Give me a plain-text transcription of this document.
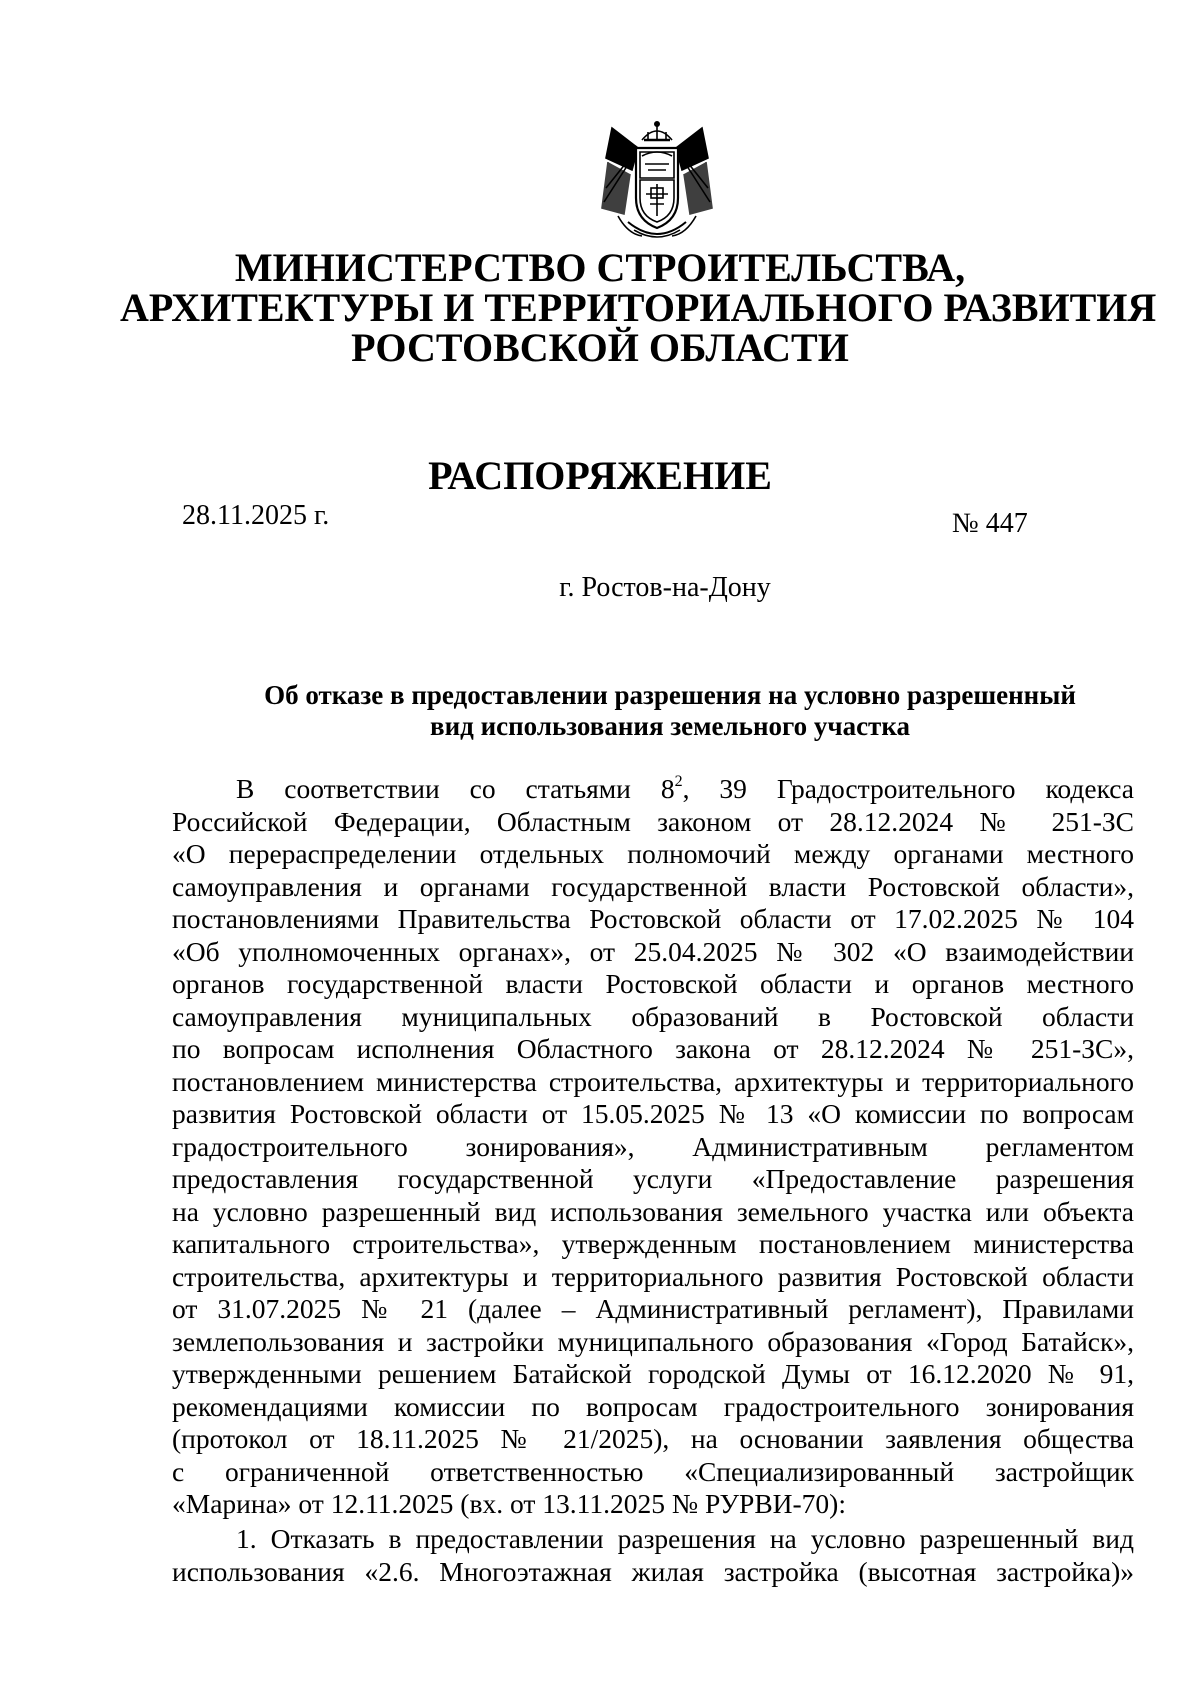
МИНИСТЕРСТВО СТРОИТЕЛЬСТВА,
АРХИТЕКТУРЫ И ТЕРРИТОРИАЛЬНОГО РАЗВИТИЯ
РОСТОВСКОЙ ОБЛАСТИ
РАСПОРЯЖЕНИЕ
28.11.2025 г.	№ 447
г. Ростов-на-Дону
Об отказе в предоставлении разрешения на условно разрешенный
вид использования земельного участка
В соответствии со статьями $8^2$, 39 Градостроительного кодекса
Российской Федерации, Областным законом от 28.12.2024 № 251-ЗС
«О перераспределении отдельных полномочий между органами местного
самоуправления и органами государственной власти Ростовской области»,
постановлениями Правительства Ростовской области от 17.02.2025 № 104
«Об уполномоченных органах», от 25.04.2025 № 302 «О взаимодействии
органов государственной власти Ростовской области и органов местного
самоуправления муниципальных образований в Ростовской области
по вопросам исполнения Областного закона от 28.12.2024 № 251-ЗС»,
постановлением министерства строительства, архитектуры и территориального
развития Ростовской области от 15.05.2025 № 13 «О комиссии по вопросам
градостроительного зонирования», Административным регламентом
предоставления государственной услуги «Предоставление разрешения
на условно разрешенный вид использования земельного участка или объекта
капитального строительства», утвержденным постановлением министерства
строительства, архитектуры и территориального развития Ростовской области
от 31.07.2025 № 21 (далее – Административный регламент), Правилами
землепользования и застройки муниципального образования «Город Батайск»,
утвержденными решением Батайской городской Думы от 16.12.2020 № 91,
рекомендациями комиссии по вопросам градостроительного зонирования
(протокол от 18.11.2025 № 21/2025), на основании заявления общества
с ограниченной ответственностью «Специализированный застройщик
«Марина» от 12.11.2025 (вх. от 13.11.2025 № РУРВИ-70):
1. Отказать в предоставлении разрешения на условно разрешенный вид
использования «2.6. Многоэтажная жилая застройка (высотная застройка)»
